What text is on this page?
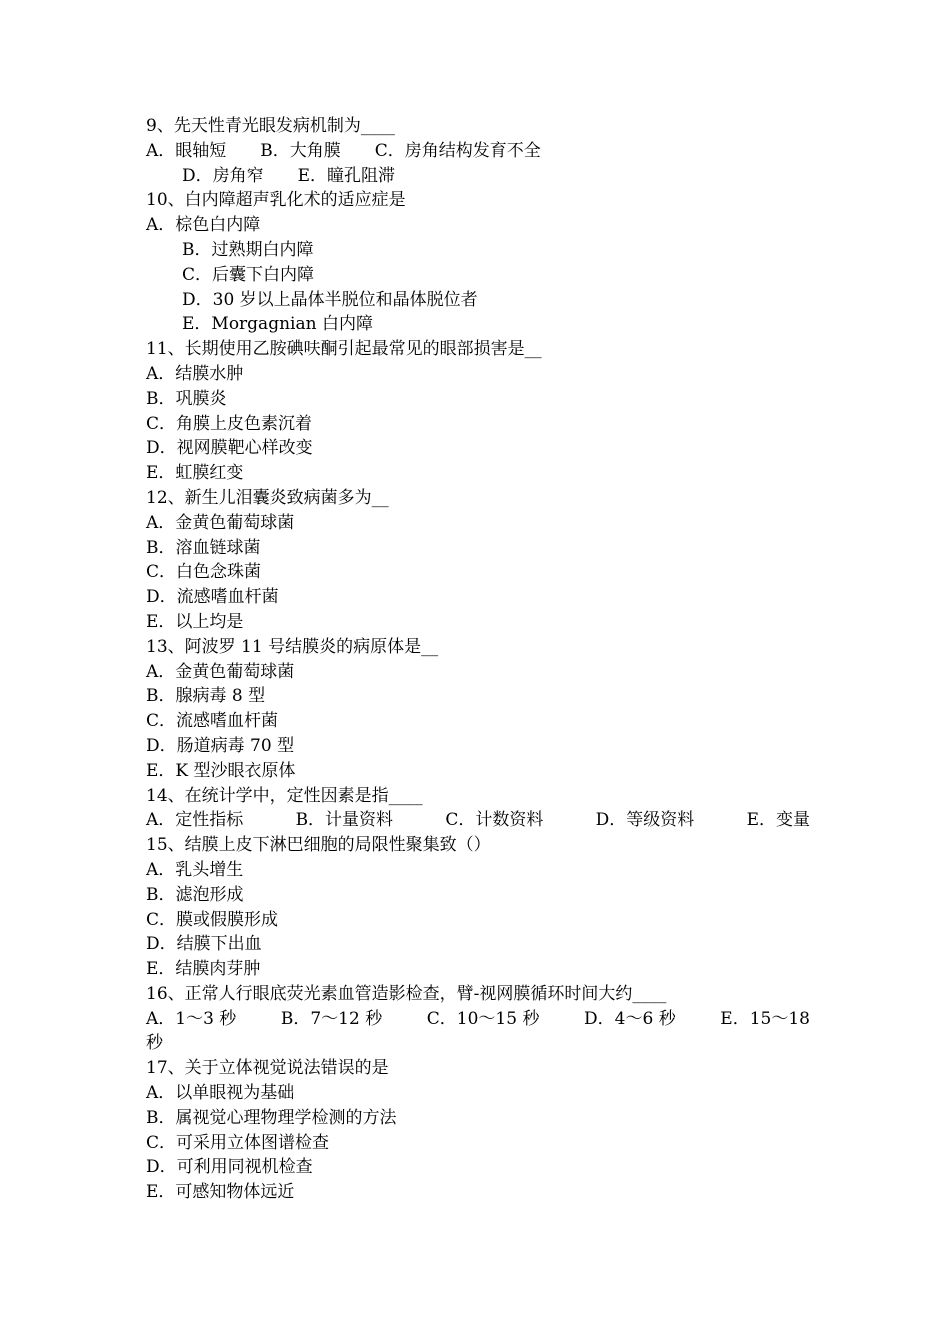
9、先天性青光眼发病机制为____
A．眼轴短 B．大角膜 C．房角结构发育不全
D．房角窄 E．瞳孔阻滞
10、白内障超声乳化术的适应症是
A．棕色白内障
B．过熟期白内障
C．后囊下白内障
D．30 岁以上晶体半脱位和晶体脱位者
E．Morgagnian 白内障
11、长期使用乙胺碘呋酮引起最常见的眼部损害是__
A．结膜水肿
B．巩膜炎
C．角膜上皮色素沉着
D．视网膜靶心样改变
E．虹膜红变
12、新生儿泪囊炎致病菌多为__
A．金黄色葡萄球菌
B．溶血链球菌
C．白色念珠菌
D．流感嗜血杆菌
E．以上均是
13、阿波罗 11 号结膜炎的病原体是__
A．金黄色葡萄球菌
B．腺病毒 8 型
C．流感嗜血杆菌
D．肠道病毒 70 型
E．K 型沙眼衣原体
14、在统计学中，定性因素是指____
A．定性指标	B．计量资料	C．计数资料	D．等级资料	E．变量
15、结膜上皮下淋巴细胞的局限性聚集致（）
A．乳头增生
B．滤泡形成
C．膜或假膜形成
D．结膜下出血
E．结膜肉芽肿
16、正常人行眼底荧光素血管造影检查，臂-视网膜循环时间大约____
A．1～3 秒	B．7～12 秒	C．10～15 秒	D．4～6 秒	E．15～18
秒
17、关于立体视觉说法错误的是
A．以单眼视为基础
B．属视觉心理物理学检测的方法
C．可采用立体图谱检查
D．可利用同视机检查
E．可感知物体远近
